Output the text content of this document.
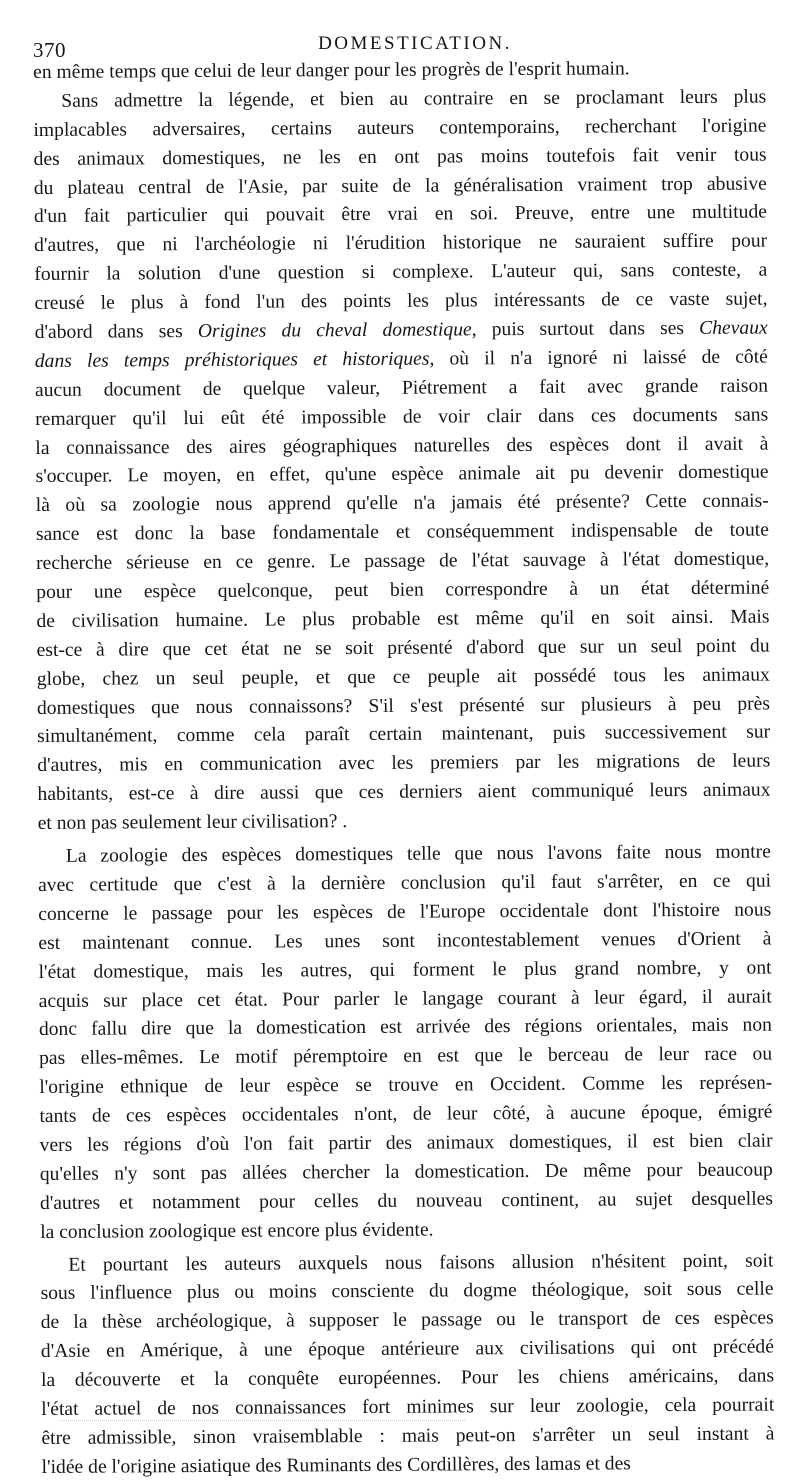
370	DOMESTICATION.
en même temps que celui de leur danger pour les progrès de l'esprit humain.
Sans admettre la légende, et bien au contraire en se proclamant leurs plus
implacables adversaires, certains auteurs contemporains, recherchant l'origine
des animaux domestiques, ne les en ont pas moins toutefois fait venir tous
du plateau central de l'Asie, par suite de la généralisation vraiment trop abusive
d'un fait particulier qui pouvait être vrai en soi. Preuve, entre une multitude
d'autres, que ni l'archéologie ni l'érudition historique ne sauraient suffire pour
fournir la solution d'une question si complexe. L'auteur qui, sans conteste, a
creusé le plus à fond l'un des points les plus intéressants de ce vaste sujet,
d'abord dans ses Origines du cheval domestique, puis surtout dans ses Chevaux
dans les temps préhistoriques et historiques, où il n'a ignoré ni laissé de côté
aucun document de quelque valeur, Piétrement a fait avec grande raison
remarquer qu'il lui eût été impossible de voir clair dans ces documents sans
la connaissance des aires géographiques naturelles des espèces dont il avait à
s'occuper. Le moyen, en effet, qu'une espèce animale ait pu devenir domestique
là où sa zoologie nous apprend qu'elle n'a jamais été présente? Cette connais-
sance est donc la base fondamentale et conséquemment indispensable de toute
recherche sérieuse en ce genre. Le passage de l'état sauvage à l'état domestique,
pour une espèce quelconque, peut bien correspondre à un état déterminé
de civilisation humaine. Le plus probable est même qu'il en soit ainsi. Mais
est-ce à dire que cet état ne se soit présenté d'abord que sur un seul point du
globe, chez un seul peuple, et que ce peuple ait possédé tous les animaux
domestiques que nous connaissons? S'il s'est présenté sur plusieurs à peu près
simultanément, comme cela paraît certain maintenant, puis successivement sur
d'autres, mis en communication avec les premiers par les migrations de leurs
habitants, est-ce à dire aussi que ces derniers aient communiqué leurs animaux
et non pas seulement leur civilisation? .
La zoologie des espèces domestiques telle que nous l'avons faite nous montre
avec certitude que c'est à la dernière conclusion qu'il faut s'arrêter, en ce qui
concerne le passage pour les espèces de l'Europe occidentale dont l'histoire nous
est maintenant connue. Les unes sont incontestablement venues d'Orient à
l'état domestique, mais les autres, qui forment le plus grand nombre, y ont
acquis sur place cet état. Pour parler le langage courant à leur égard, il aurait
donc fallu dire que la domestication est arrivée des régions orientales, mais non
pas elles-mêmes. Le motif péremptoire en est que le berceau de leur race ou
l'origine ethnique de leur espèce se trouve en Occident. Comme les représen-
tants de ces espèces occidentales n'ont, de leur côté, à aucune époque, émigré
vers les régions d'où l'on fait partir des animaux domestiques, il est bien clair
qu'elles n'y sont pas allées chercher la domestication. De même pour beaucoup
d'autres et notamment pour celles du nouveau continent, au sujet desquelles
la conclusion zoologique est encore plus évidente.
Et pourtant les auteurs auxquels nous faisons allusion n'hésitent point, soit
sous l'influence plus ou moins consciente du dogme théologique, soit sous celle
de la thèse archéologique, à supposer le passage ou le transport de ces espèces
d'Asie en Amérique, à une époque antérieure aux civilisations qui ont précédé
la découverte et la conquête européennes. Pour les chiens américains, dans
l'état actuel de nos connaissances fort minimes sur leur zoologie, cela pourrait
être admissible, sinon vraisemblable : mais peut-on s'arrêter un seul instant à
l'idée de l'origine asiatique des Ruminants des Cordillères, des lamas et des
